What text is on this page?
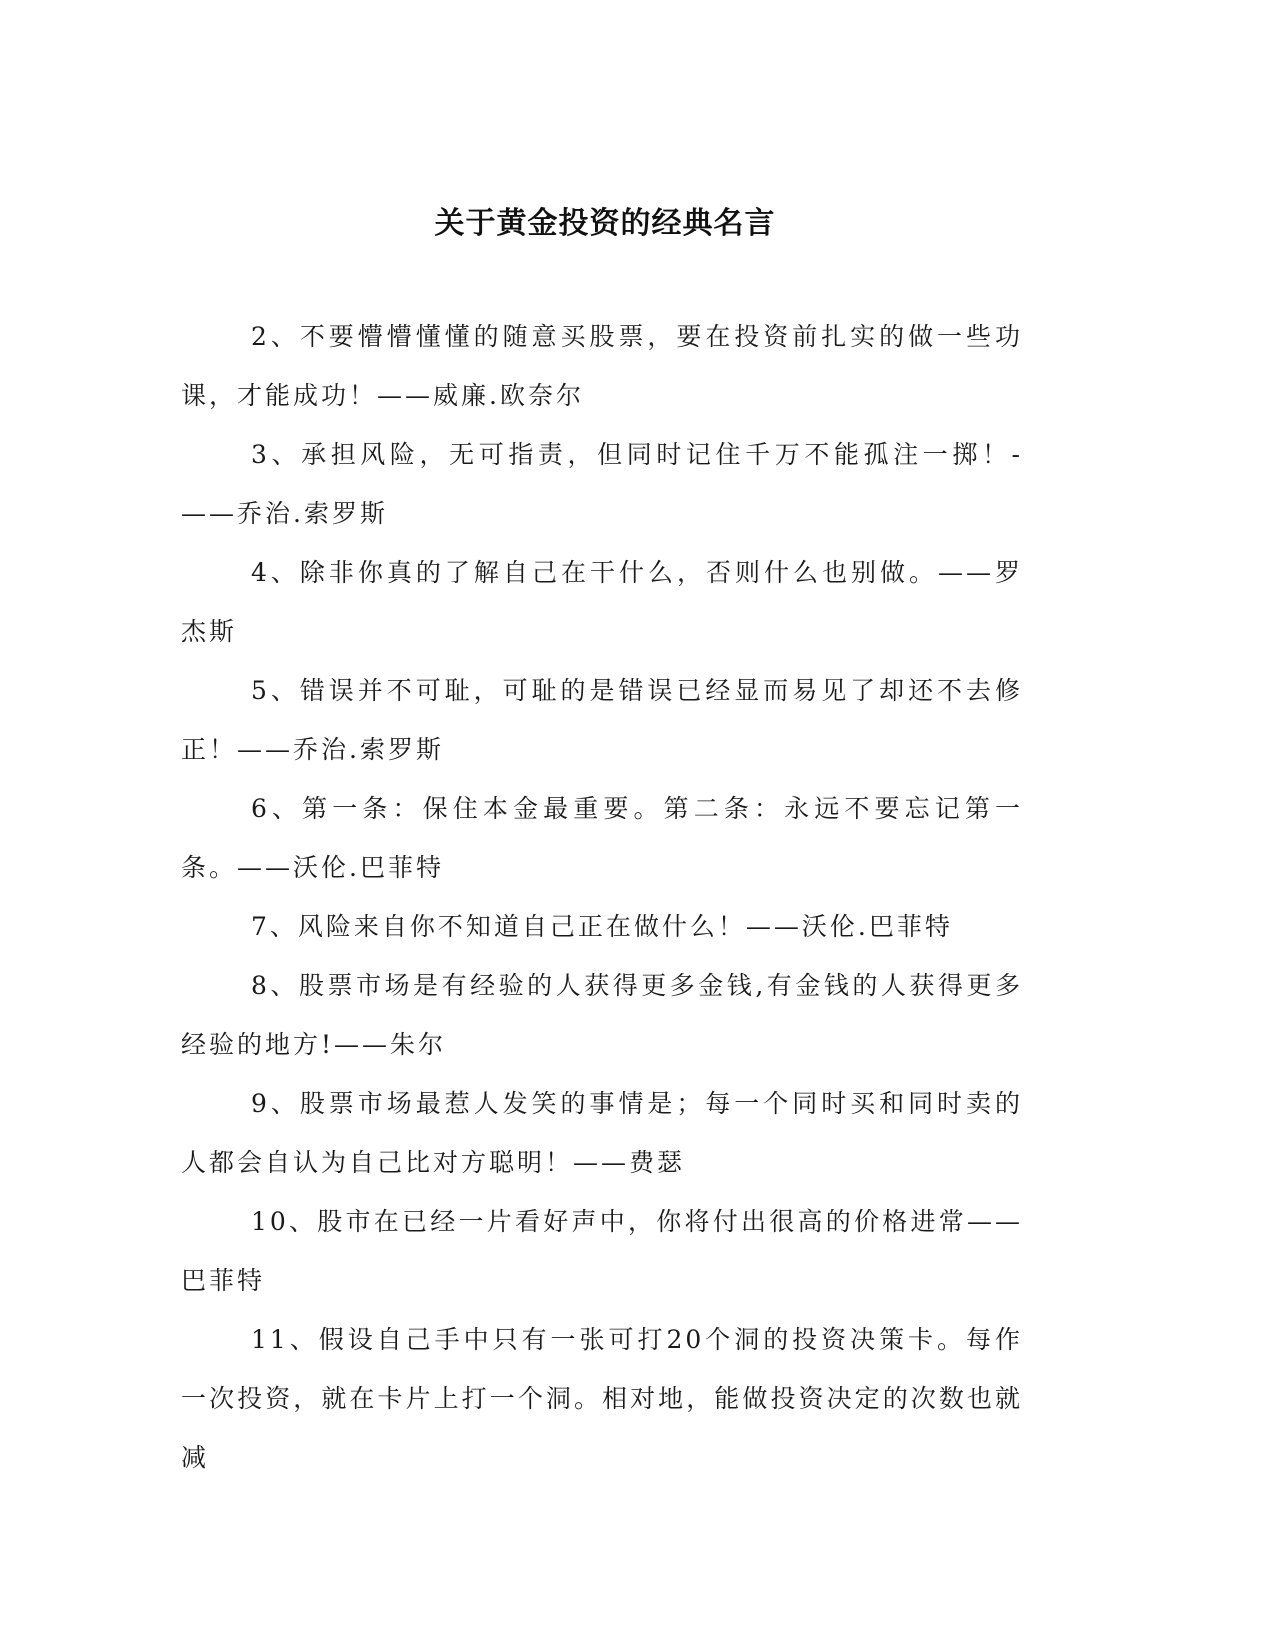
关于黄金投资的经典名言

2、不要懵懵懂懂的随意买股票，要在投资前扎实的做一些功课，才能成功！——威廉.欧奈尔

3、承担风险，无可指责，但同时记住千万不能孤注一掷！-——乔治.索罗斯

4、除非你真的了解自己在干什么，否则什么也别做。——罗杰斯

5、错误并不可耻，可耻的是错误已经显而易见了却还不去修正！——乔治.索罗斯

6、第一条：保住本金最重要。第二条：永远不要忘记第一条。——沃伦.巴菲特

7、风险来自你不知道自己正在做什么！——沃伦.巴菲特

8、股票市场是有经验的人获得更多金钱,有金钱的人获得更多经验的地方!——朱尔

9、股票市场最惹人发笑的事情是；每一个同时买和同时卖的人都会自认为自己比对方聪明！——费瑟

10、股市在已经一片看好声中，你将付出很高的价格进常——巴菲特

11、假设自己手中只有一张可打20个洞的投资决策卡。每作一次投资，就在卡片上打一个洞。相对地，能做投资决定的次数也就减
